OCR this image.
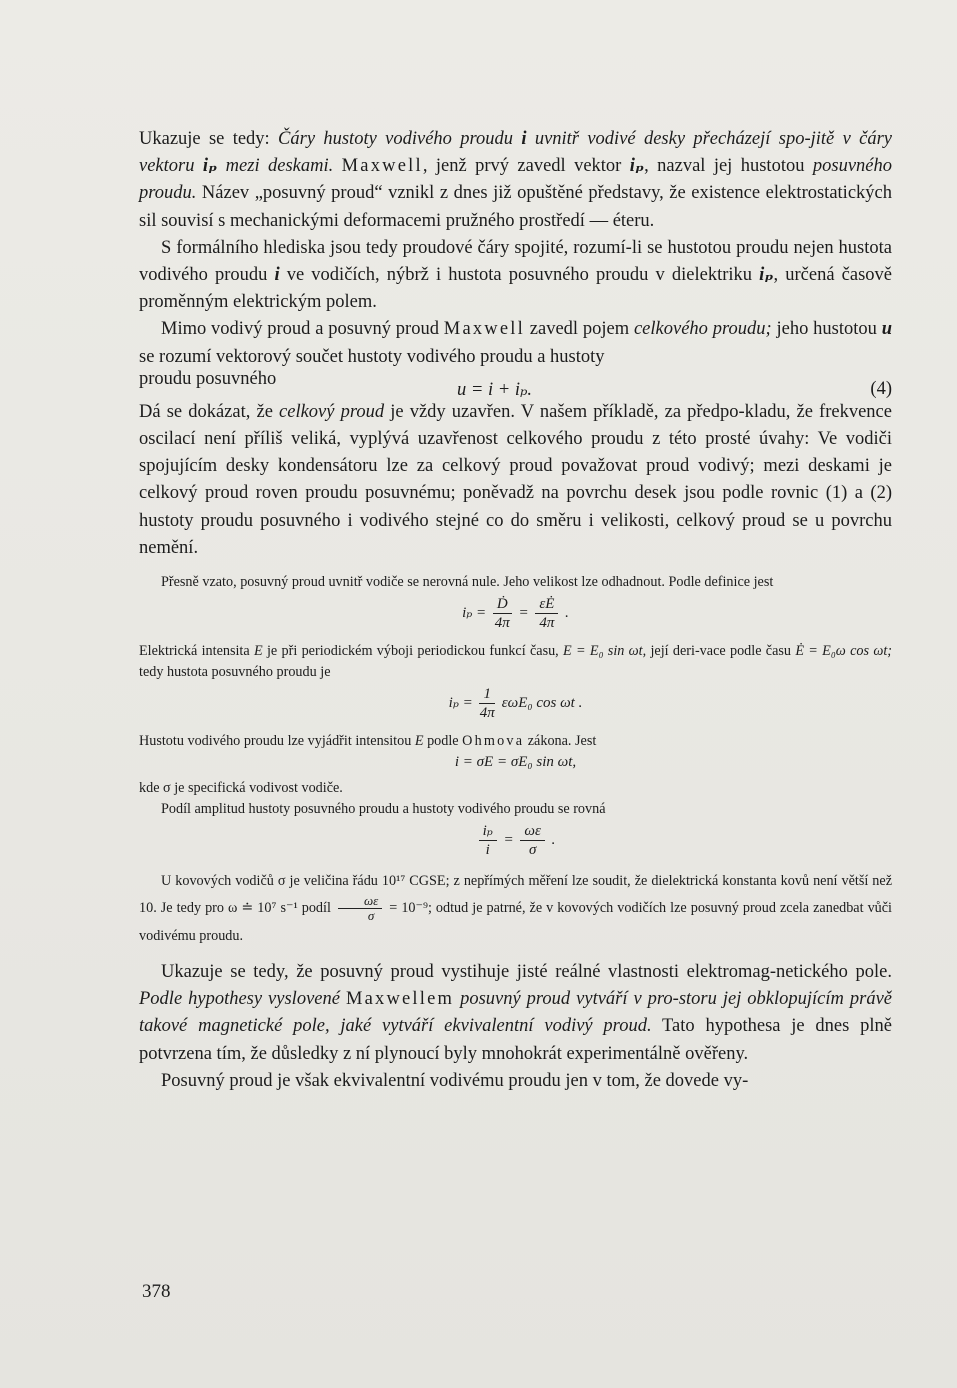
Ukazuje se tedy: Čáry hustoty vodivého proudu i uvnitř vodivé desky přecházejí spo-jitě v čáry vektoru iₚ mezi deskami. Maxwell, jenž prvý zavedl vektor iₚ, nazval jej hustotou posuvného proudu. Název „posuvný proud“ vznikl z dnes již opuštěné představy, že existence elektrostatických sil souvisí s mechanickými deformacemi pružného prostředí — éteru.

S formálního hlediska jsou tedy proudové čáry spojité, rozumí-li se hustotou proudu nejen hustota vodivého proudu i ve vodičích, nýbrž i hustota posuvného proudu v dielektriku iₚ, určená časově proměnným elektrickým polem.

Mimo vodivý proud a posuvný proud Maxwell zavedl pojem celkového proudu; jeho hustotou u se rozumí vektorový součet hustoty vodivého proudu a hustoty

proudu posuvného
u = i + iₚ.	(4)

Dá se dokázat, že celkový proud je vždy uzavřen. V našem příkladě, za předpo-kladu, že frekvence oscilací není příliš veliká, vyplývá uzavřenost celkového proudu z této prosté úvahy: Ve vodiči spojujícím desky kondensátoru lze za celkový proud považovat proud vodivý; mezi deskami je celkový proud roven proudu posuvnému; poněvadž na povrchu desek jsou podle rovnic (1) a (2) hustoty proudu posuvného i vodivého stejné co do směru i velikosti, celkový proud se u povrchu nemění.

Přesně vzato, posuvný proud uvnitř vodiče se nerovná nule. Jeho velikost lze odhadnout. Podle definice jest

$i_p = \frac{\text{Ḋ}}{4\pi} = \frac{\varepsilon Ė}{4\pi}$ .

Elektrická intensita E je při periodickém výboji periodickou funkcí času, E = E₀ sin ωt, její deri-vace podle času Ė = E₀ω cos ωt; tedy hustota posuvného proudu je

$i_p = \frac{1}{4\pi} \varepsilon\omega E_0$ cos ωt .

Hustotu vodivého proudu lze vyjádřit intensitou E podle Ohmova zákona. Jest

i = σE = σE₀ sin ωt,

kde σ je specifická vodivost vodiče.

Podíl amplitud hustoty posuvného proudu a hustoty vodivého proudu se rovná

$\frac{\text{iₚ}}{i} = \frac{\omega\varepsilon}{\sigma}$ .

U kovových vodičů σ je veličina řádu 10¹⁷ CGSE; z nepřímých měření lze soudit, že dielektrická konstanta kovů není větší než 10. Je tedy pro ω ≐ 10⁷ s⁻¹ podíl $\frac{\omega\varepsilon}{\sigma} = 10^{-9}$; odtud je patrné, že v kovových vodičích lze posuvný proud zcela zanedbat vůči vodivému proudu.

Ukazuje se tedy, že posuvný proud vystihuje jisté reálné vlastnosti elektromag-netického pole. Podle hypothesy vyslovené Maxwellem posuvný proud vytváří v pro-storu jej obklopujícím právě takové magnetické pole, jaké vytváří ekvivalentní vodivý proud. Tato hypothesa je dnes plně potvrzena tím, že důsledky z ní plynoucí byly mnohokrát experimentálně ověřeny.

Posuvný proud je však ekvivalentní vodivému proudu jen v tom, že dovede vy-

378
